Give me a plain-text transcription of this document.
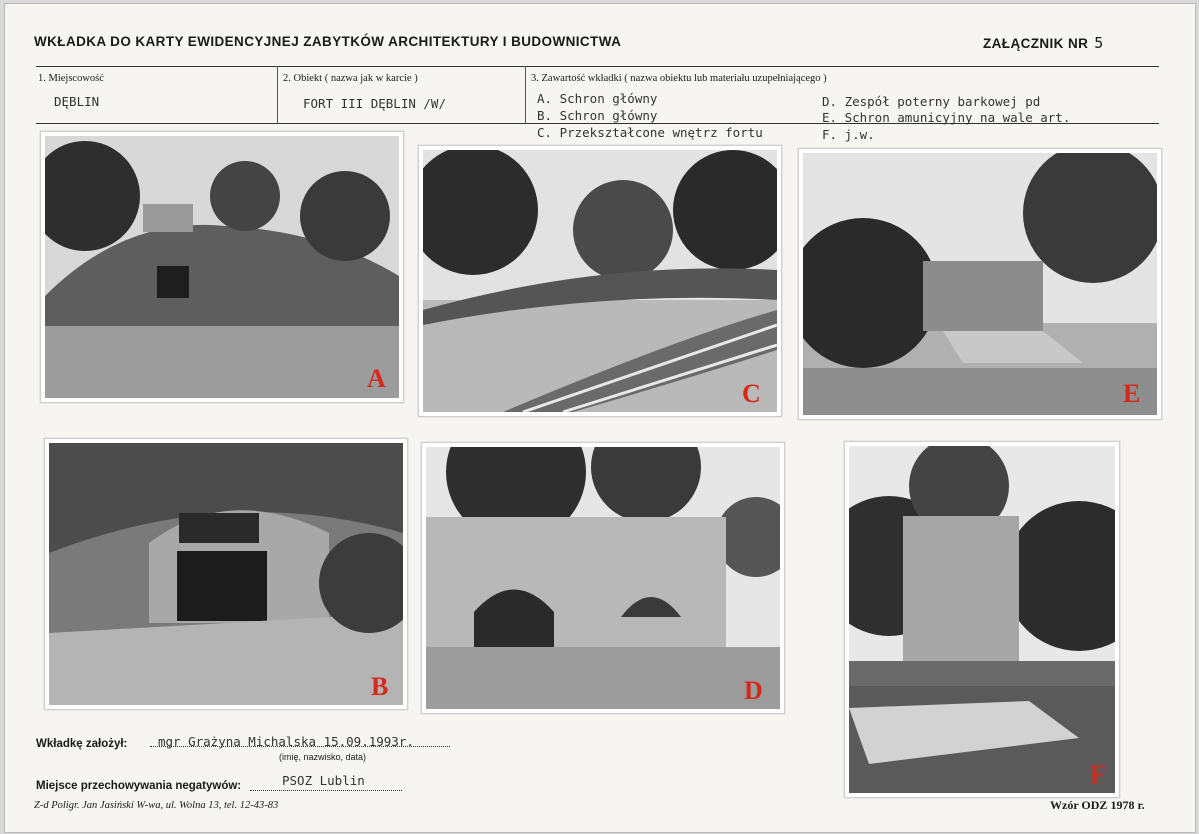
WKŁADKA DO KARTY EWIDENCYJNEJ ZABYTKÓW ARCHITEKTURY I BUDOWNICTWA	ZAŁĄCZNIK NR 5
1. Miejscowość
DĘBLIN
2. Obiekt ( nazwa jak w karcie )
FORT III DĘBLIN /W/
3. Zawartość wkładki ( nazwa obiektu lub materiału uzupełniającego )
A. Schron główny
B. Schron główny
C. Przekształcone wnętrz fortu
D. Zespół poterny barkowej pd
E. Schron amunicyjny na wale art.
F. j.w.
A
C	E
B	D
F
Wkładkę założył: mgr Grażyna Michalska 15.09.1993r.
(imię, nazwisko, data)
Miejsce przechowywania negatywów:	PSOZ Lublin
Z-d Poligr. Jan Jasiński W-wa, ul. Wolna 13, tel. 12-43-83	Wzór ODZ 1978 r.
